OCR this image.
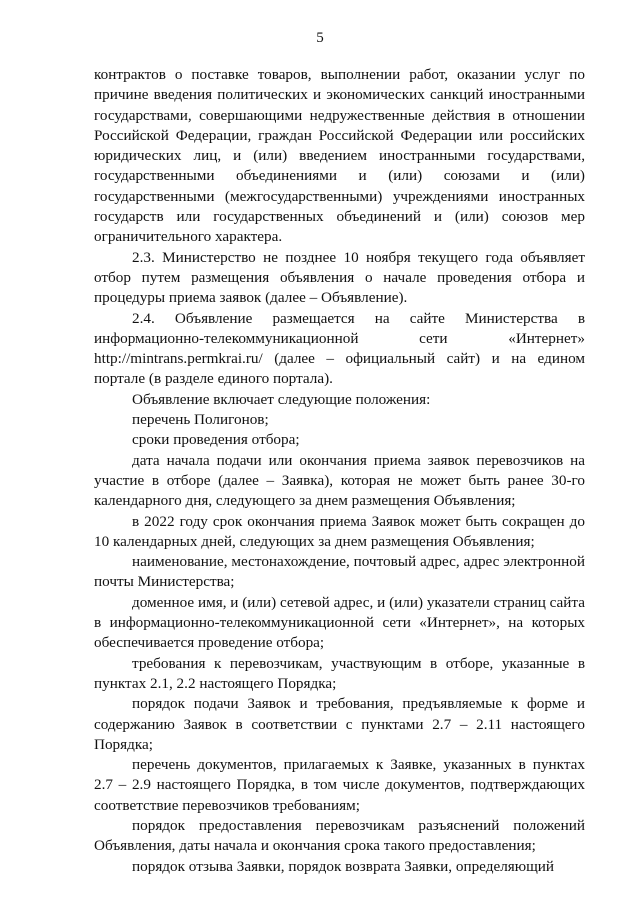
5

контрактов о поставке товаров, выполнении работ, оказании услуг по причине введения политических и экономических санкций иностранными государствами, совершающими недружественные действия в отношении Российской Федерации, граждан Российской Федерации или российских юридических лиц, и (или) введением иностранными государствами, государственными объединениями и (или) союзами и (или) государственными (межгосударственными) учреждениями иностранных государств или государственных объединений и (или) союзов мер ограничительного характера.

2.3. Министерство не позднее 10 ноября текущего года объявляет отбор путем размещения объявления о начале проведения отбора и процедуры приема заявок (далее – Объявление).

2.4. Объявление размещается на сайте Министерства в информационно-телекоммуникационной сети «Интернет» http://mintrans.permkrai.ru/ (далее – официальный сайт) и на едином портале (в разделе единого портала).

Объявление включает следующие положения:

перечень Полигонов;

сроки проведения отбора;

дата начала подачи или окончания приема заявок перевозчиков на участие в отборе (далее – Заявка), которая не может быть ранее 30-го календарного дня, следующего за днем размещения Объявления;

в 2022 году срок окончания приема Заявок может быть сокращен до 10 календарных дней, следующих за днем размещения Объявления;

наименование, местонахождение, почтовый адрес, адрес электронной почты Министерства;

доменное имя, и (или) сетевой адрес, и (или) указатели страниц сайта в информационно-телекоммуникационной сети «Интернет», на которых обеспечивается проведение отбора;

требования к перевозчикам, участвующим в отборе, указанные в пунктах 2.1, 2.2 настоящего Порядка;

порядок подачи Заявок и требования, предъявляемые к форме и содержанию Заявок в соответствии с пунктами 2.7 – 2.11 настоящего Порядка;

перечень документов, прилагаемых к Заявке, указанных в пунктах 2.7 – 2.9 настоящего Порядка, в том числе документов, подтверждающих соответствие перевозчиков требованиям;

порядок предоставления перевозчикам разъяснений положений Объявления, даты начала и окончания срока такого предоставления;

порядок отзыва Заявки, порядок возврата Заявки, определяющий
